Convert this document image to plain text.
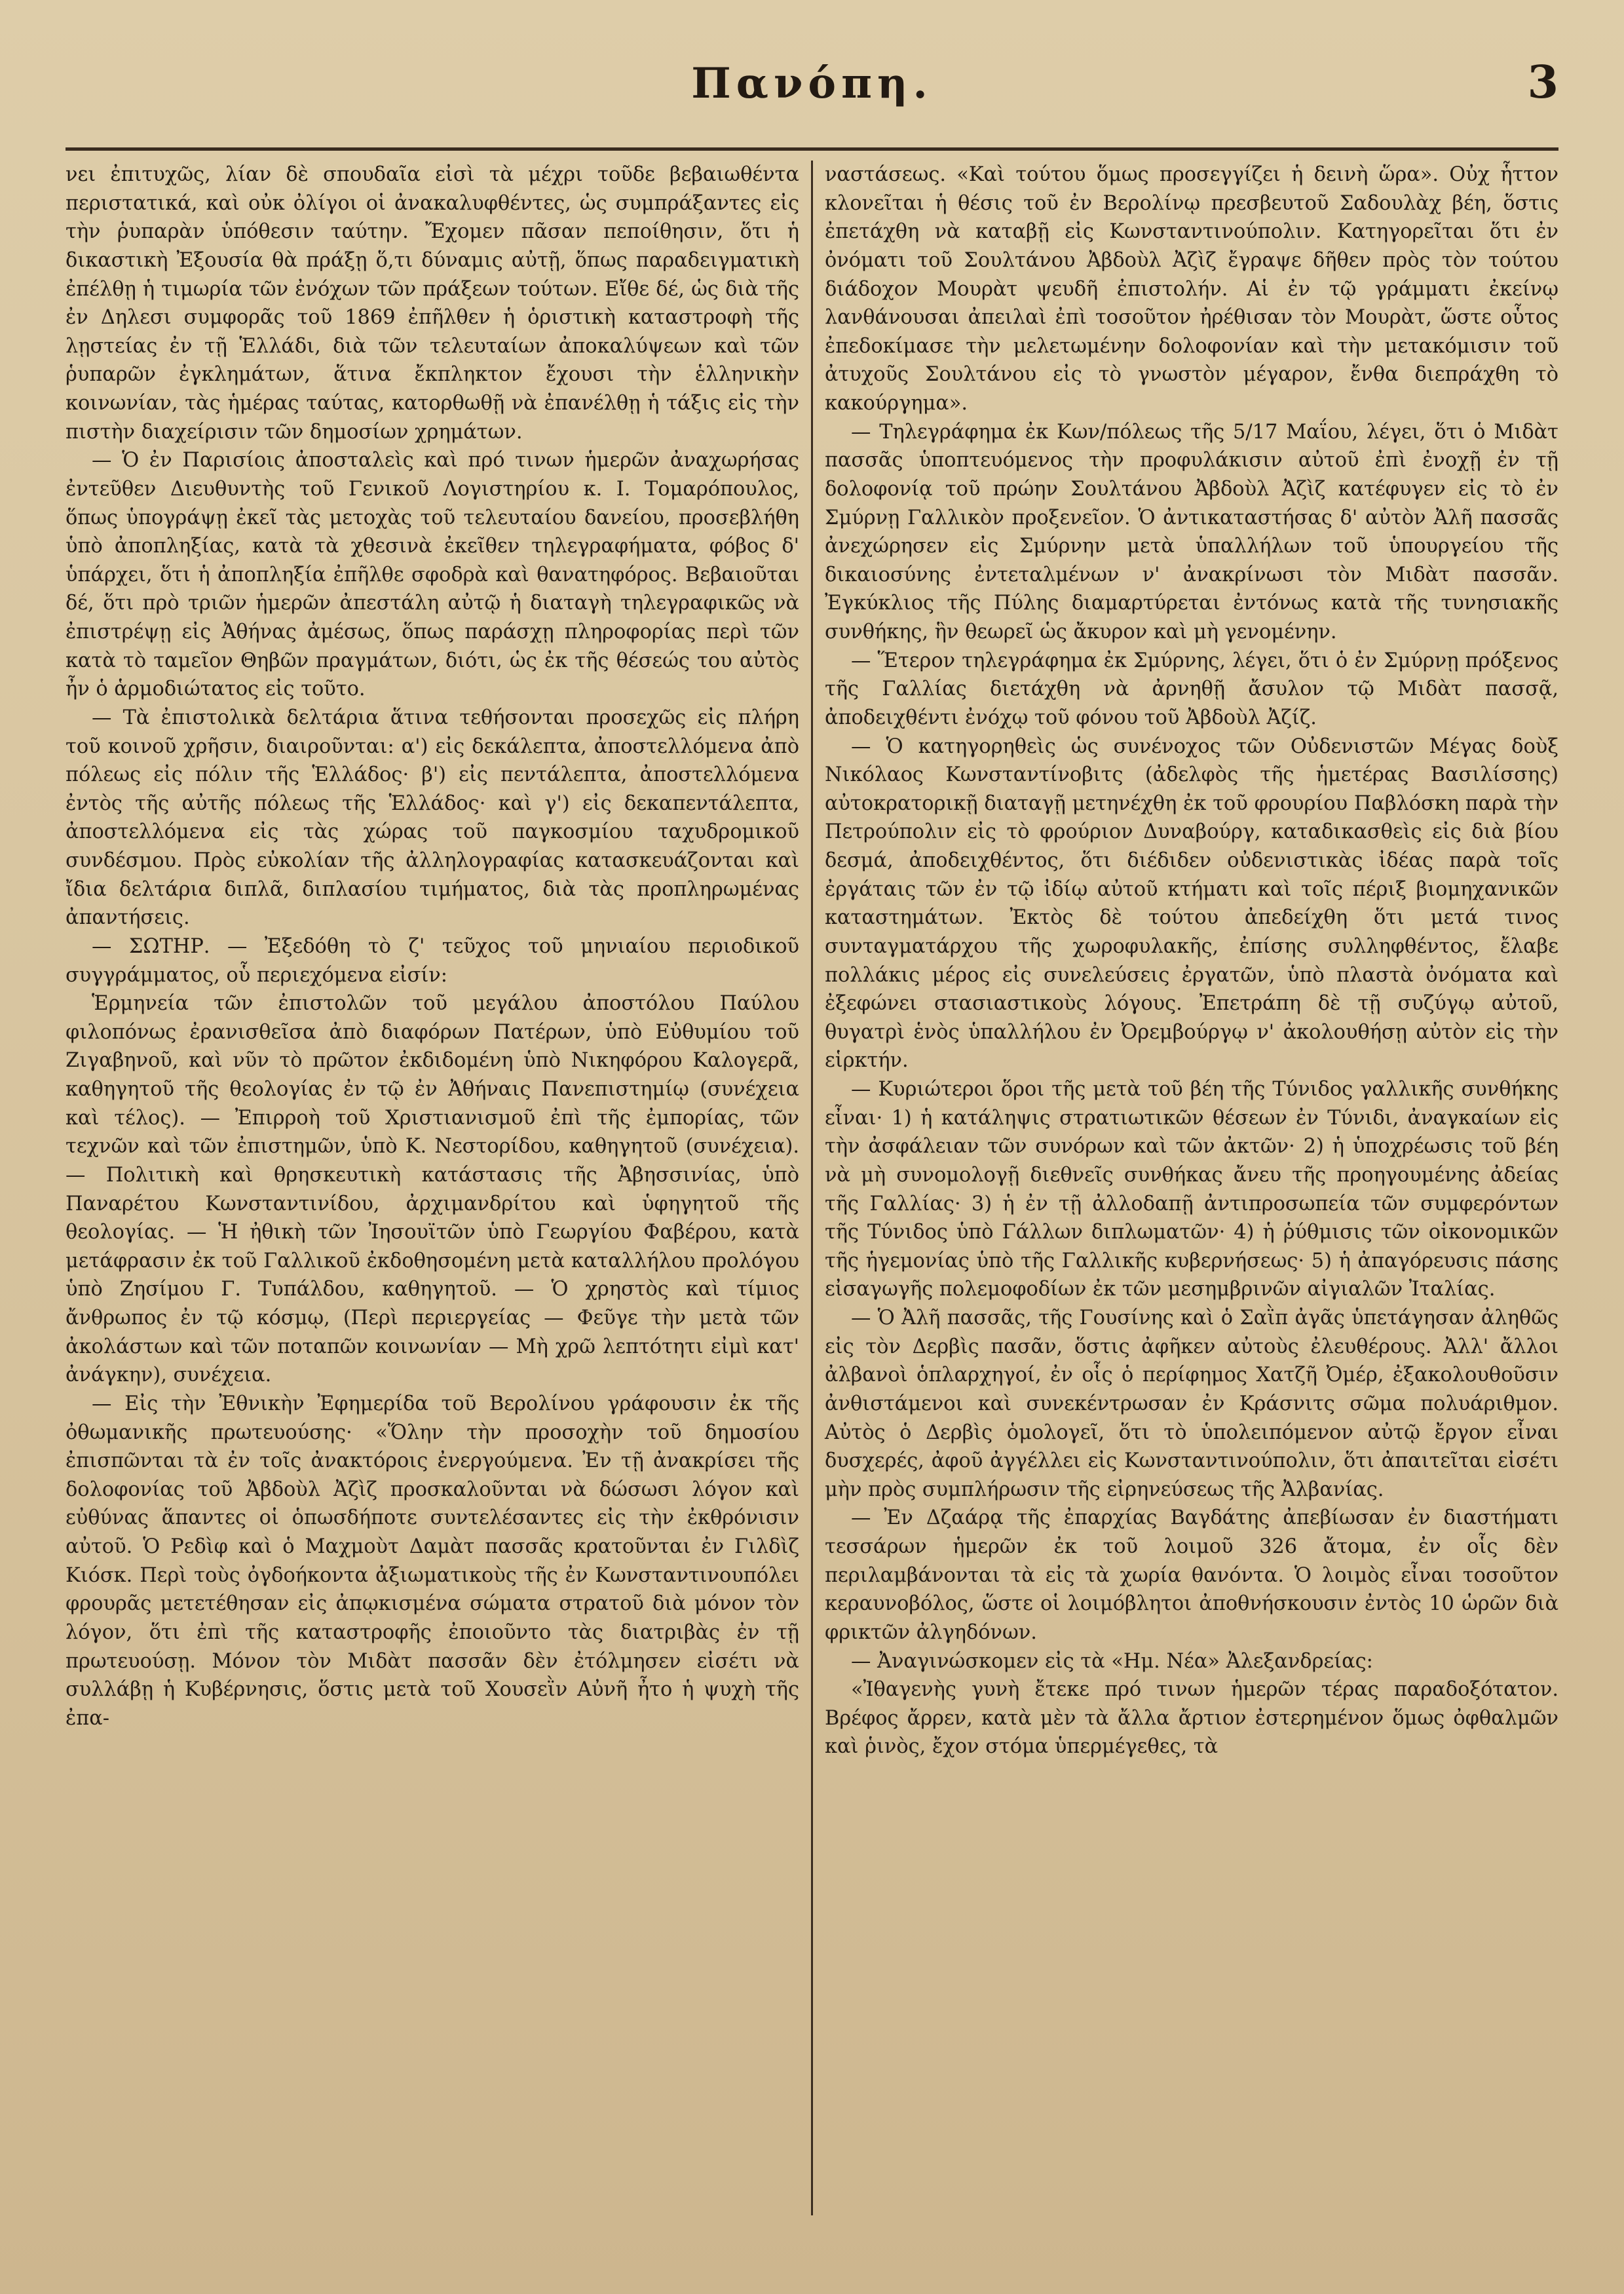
Πανόπη.	3

νει ἐπιτυχῶς, λίαν δὲ σπουδαῖα εἰσὶ τὰ μέχρι τοῦδε βεβαιωθέντα περιστατικά, καὶ οὐκ ὀλίγοι οἱ ἀνακαλυφθέντες, ὡς συμπράξαντες εἰς τὴν ῥυπαρὰν ὑπόθεσιν ταύτην. Ἔχομεν πᾶσαν πεποίθησιν, ὅτι ἡ δικαστικὴ Ἐξουσία θὰ πράξῃ ὅ,τι δύναμις αὐτῇ, ὅπως παραδειγματικὴ ἐπέλθῃ ἡ τιμωρία τῶν ἐνόχων τῶν πράξεων τούτων. Εἴθε δέ, ὡς διὰ τῆς ἐν Δηλεσι συμφορᾶς τοῦ 1869 ἐπῆλθεν ἡ ὁριστικὴ καταστροφὴ τῆς λῃστείας ἐν τῇ Ἑλλάδι, διὰ τῶν τελευταίων ἀποκαλύψεων καὶ τῶν ῥυπαρῶν ἐγκλημάτων, ἅτινα ἔκπληκτον ἔχουσι τὴν ἑλληνικὴν κοινωνίαν, τὰς ἡμέρας ταύτας, κατορθωθῇ νὰ ἐπανέλθῃ ἡ τάξις εἰς τὴν πιστὴν διαχείρισιν τῶν δημοσίων χρημάτων.

— Ὁ ἐν Παρισίοις ἀποσταλεὶς καὶ πρό τινων ἡμερῶν ἀναχωρήσας ἐντεῦθεν Διευθυντὴς τοῦ Γενικοῦ Λογιστηρίου κ. Ι. Τομαρόπουλος, ὅπως ὑπογράψῃ ἐκεῖ τὰς μετοχὰς τοῦ τελευταίου δανείου, προσεβλήθη ὑπὸ ἀποπληξίας, κατὰ τὰ χθεσινὰ ἐκεῖθεν τηλεγραφήματα, φόβος δ' ὑπάρχει, ὅτι ἡ ἀποπληξία ἐπῆλθε σφοδρὰ καὶ θανατηφόρος. Βεβαιοῦται δέ, ὅτι πρὸ τριῶν ἡμερῶν ἀπεστάλη αὐτῷ ἡ διαταγὴ τηλεγραφικῶς νὰ ἐπιστρέψῃ εἰς Ἀθήνας ἀμέσως, ὅπως παράσχῃ πληροφορίας περὶ τῶν κατὰ τὸ ταμεῖον Θηβῶν πραγμάτων, διότι, ὡς ἐκ τῆς θέσεώς του αὐτὸς ἦν ὁ ἁρμοδιώτατος εἰς τοῦτο.

— Τὰ ἐπιστολικὰ δελτάρια ἅτινα τεθήσονται προσεχῶς εἰς πλήρη τοῦ κοινοῦ χρῆσιν, διαιροῦνται: α') εἰς δεκάλεπτα, ἀποστελλόμενα ἀπὸ πόλεως εἰς πόλιν τῆς Ἑλλάδος· β') εἰς πεντάλεπτα, ἀποστελλόμενα ἐντὸς τῆς αὐτῆς πόλεως τῆς Ἑλλάδος· καὶ γ') εἰς δεκαπεντάλεπτα, ἀποστελλόμενα εἰς τὰς χώρας τοῦ παγκοσμίου ταχυδρομικοῦ συνδέσμου. Πρὸς εὐκολίαν τῆς ἀλληλογραφίας κατασκευάζονται καὶ ἴδια δελτάρια διπλᾶ, διπλασίου τιμήματος, διὰ τὰς προπληρωμένας ἀπαντήσεις.

— ΣΩΤΗΡ. — Ἐξεδόθη τὸ ζ' τεῦχος τοῦ μηνιαίου περιοδικοῦ συγγράμματος, οὗ περιεχόμενα εἰσίν:

Ἑρμηνεία τῶν ἐπιστολῶν τοῦ μεγάλου ἀποστόλου Παύλου φιλοπόνως ἐρανισθεῖσα ἀπὸ διαφόρων Πατέρων, ὑπὸ Εὐθυμίου τοῦ Ζιγαβηνοῦ, καὶ νῦν τὸ πρῶτον ἐκδιδομένη ὑπὸ Νικηφόρου Καλογερᾶ, καθηγητοῦ τῆς θεολογίας ἐν τῷ ἐν Ἀθήναις Πανεπιστημίῳ (συνέχεια καὶ τέλος). — Ἐπιρροὴ τοῦ Χριστιανισμοῦ ἐπὶ τῆς ἐμπορίας, τῶν τεχνῶν καὶ τῶν ἐπιστημῶν, ὑπὸ Κ. Νεστορίδου, καθηγητοῦ (συνέχεια). — Πολιτικὴ καὶ θρησκευτικὴ κατάστασις τῆς Ἀβησσινίας, ὑπὸ Παναρέτου Κωνσταντινίδου, ἀρχιμανδρίτου καὶ ὑφηγητοῦ τῆς θεολογίας. — Ἡ ἠθικὴ τῶν Ἰησουϊτῶν ὑπὸ Γεωργίου Φαβέρου, κατὰ μετάφρασιν ἐκ τοῦ Γαλλικοῦ ἐκδοθησομένη μετὰ καταλλήλου προλόγου ὑπὸ Ζησίμου Γ. Τυπάλδου, καθηγητοῦ. — Ὁ χρηστὸς καὶ τίμιος ἄνθρωπος ἐν τῷ κόσμῳ, (Περὶ περιεργείας — Φεῦγε τὴν μετὰ τῶν ἀκολάστων καὶ τῶν ποταπῶν κοινωνίαν — Μὴ χρῶ λεπτότητι εἰμὶ κατ' ἀνάγκην), συνέχεια.

— Εἰς τὴν Ἐθνικὴν Ἐφημερίδα τοῦ Βερολίνου γράφουσιν ἐκ τῆς ὀθωμανικῆς πρωτευούσης· «Ὅλην τὴν προσοχὴν τοῦ δημοσίου ἐπισπῶνται τὰ ἐν τοῖς ἀνακτόροις ἐνεργούμενα. Ἐν τῇ ἀνακρίσει τῆς δολοφονίας τοῦ Ἀβδοὺλ Ἀζὶζ προσκαλοῦνται νὰ δώσωσι λόγον καὶ εὐθύνας ἅπαντες οἱ ὁπωσδήποτε συντελέσαντες εἰς τὴν ἐκθρόνισιν αὐτοῦ. Ὁ Ρεδὶφ καὶ ὁ Μαχμοὺτ Δαμὰτ πασσᾶς κρατοῦνται ἐν Γιλδὶζ Κιόσκ. Περὶ τοὺς ὀγδοήκοντα ἀξιωματικοὺς τῆς ἐν Κωνσταντινουπόλει φρουρᾶς μετετέθησαν εἰς ἀπῳκισμένα σώματα στρατοῦ διὰ μόνον τὸν λόγον, ὅτι ἐπὶ τῆς καταστροφῆς ἐποιοῦντο τὰς διατριβὰς ἐν τῇ πρωτευούσῃ. Μόνον τὸν Μιδὰτ πασσᾶν δὲν ἐτόλμησεν εἰσέτι νὰ συλλάβῃ ἡ Κυβέρνησις, ὅστις μετὰ τοῦ Χουσεῒν Αὐνῆ ἦτο ἡ ψυχὴ τῆς ἐπα-

ναστάσεως. «Καὶ τούτου ὅμως προσεγγίζει ἡ δεινὴ ὥρα». Οὐχ ἧττον κλονεῖται ἡ θέσις τοῦ ἐν Βερολίνῳ πρεσβευτοῦ Σαδουλὰχ βέη, ὅστις ἐπετάχθη νὰ καταβῇ εἰς Κωνσταντινούπολιν. Κατηγορεῖται ὅτι ἐν ὀνόματι τοῦ Σουλτάνου Ἀβδοὺλ Ἀζὶζ ἔγραψε δῆθεν πρὸς τὸν τούτου διάδοχον Μουρὰτ ψευδῆ ἐπιστολήν. Αἱ ἐν τῷ γράμματι ἐκείνῳ λανθάνουσαι ἀπειλαὶ ἐπὶ τοσοῦτον ἠρέθισαν τὸν Μουρὰτ, ὥστε οὗτος ἐπεδοκίμασε τὴν μελετωμένην δολοφονίαν καὶ τὴν μετακόμισιν τοῦ ἀτυχοῦς Σουλτάνου εἰς τὸ γνωστὸν μέγαρον, ἔνθα διεπράχθη τὸ κακούργημα».

— Τηλεγράφημα ἐκ Κων/πόλεως τῆς 5/17 Μαΐου, λέγει, ὅτι ὁ Μιδὰτ πασσᾶς ὑποπτευόμενος τὴν προφυλάκισιν αὐτοῦ ἐπὶ ἐνοχῇ ἐν τῇ δολοφονίᾳ τοῦ πρώην Σουλτάνου Ἀβδοὺλ Ἀζὶζ κατέφυγεν εἰς τὸ ἐν Σμύρνῃ Γαλλικὸν προξενεῖον. Ὁ ἀντικαταστήσας δ' αὐτὸν Ἀλῆ πασσᾶς ἀνεχώρησεν εἰς Σμύρνην μετὰ ὑπαλλήλων τοῦ ὑπουργείου τῆς δικαιοσύνης ἐντεταλμένων ν' ἀνακρίνωσι τὸν Μιδὰτ πασσᾶν. Ἐγκύκλιος τῆς Πύλης διαμαρτύρεται ἐντόνως κατὰ τῆς τυνησιακῆς συνθήκης, ἣν θεωρεῖ ὡς ἄκυρον καὶ μὴ γενομένην.

— Ἕτερον τηλεγράφημα ἐκ Σμύρνης, λέγει, ὅτι ὁ ἐν Σμύρνῃ πρόξενος τῆς Γαλλίας διετάχθη νὰ ἀρνηθῇ ἄσυλον τῷ Μιδὰτ πασσᾷ, ἀποδειχθέντι ἐνόχῳ τοῦ φόνου τοῦ Ἀβδοὺλ Ἀζίζ.

— Ὁ κατηγορηθεὶς ὡς συνένοχος τῶν Οὐδενιστῶν Μέγας δοὺξ Νικόλαος Κωνσταντίνοβιτς (ἀδελφὸς τῆς ἡμετέρας Βασιλίσσης) αὐτοκρατορικῇ διαταγῇ μετηνέχθη ἐκ τοῦ φρουρίου Παβλόσκη παρὰ τὴν Πετρούπολιν εἰς τὸ φρούριον Δυναβούργ, καταδικασθεὶς εἰς διὰ βίου δεσμά, ἀποδειχθέντος, ὅτι διέδιδεν οὐδενιστικὰς ἰδέας παρὰ τοῖς ἐργάταις τῶν ἐν τῷ ἰδίῳ αὐτοῦ κτήματι καὶ τοῖς πέριξ βιομηχανικῶν καταστημάτων. Ἐκτὸς δὲ τούτου ἀπεδείχθη ὅτι μετά τινος συνταγματάρχου τῆς χωροφυλακῆς, ἐπίσης συλληφθέντος, ἔλαβε πολλάκις μέρος εἰς συνελεύσεις ἐργατῶν, ὑπὸ πλαστὰ ὀνόματα καὶ ἐξεφώνει στασιαστικοὺς λόγους. Ἐπετράπη δὲ τῇ συζύγῳ αὐτοῦ, θυγατρὶ ἑνὸς ὑπαλλήλου ἐν Ὀρεμβούργῳ ν' ἀκολουθήσῃ αὐτὸν εἰς τὴν εἱρκτήν.

— Κυριώτεροι ὅροι τῆς μετὰ τοῦ βέη τῆς Τύνιδος γαλλικῆς συνθήκης εἶναι· 1) ἡ κατάληψις στρατιωτικῶν θέσεων ἐν Τύνιδι, ἀναγκαίων εἰς τὴν ἀσφάλειαν τῶν συνόρων καὶ τῶν ἀκτῶν· 2) ἡ ὑποχρέωσις τοῦ βέη νὰ μὴ συνομολογῇ διεθνεῖς συνθήκας ἄνευ τῆς προηγουμένης ἀδείας τῆς Γαλλίας· 3) ἡ ἐν τῇ ἀλλοδαπῇ ἀντιπροσωπεία τῶν συμφερόντων τῆς Τύνιδος ὑπὸ Γάλλων διπλωματῶν· 4) ἡ ῥύθμισις τῶν οἰκονομικῶν τῆς ἡγεμονίας ὑπὸ τῆς Γαλλικῆς κυβερνήσεως· 5) ἡ ἀπαγόρευσις πάσης εἰσαγωγῆς πολεμοφοδίων ἐκ τῶν μεσημβρινῶν αἰγιαλῶν Ἰταλίας.

— Ὁ Ἀλῆ πασσᾶς, τῆς Γουσίνης καὶ ὁ Σαῒπ ἀγᾶς ὑπετάγησαν ἀληθῶς εἰς τὸν Δερβὶς πασᾶν, ὅστις ἀφῆκεν αὐτοὺς ἐλευθέρους. Ἀλλ' ἄλλοι ἀλβανοὶ ὁπλαρχηγοί, ἐν οἷς ὁ περίφημος Χατζῆ Ὀμέρ, ἐξακολουθοῦσιν ἀνθιστάμενοι καὶ συνεκέντρωσαν ἐν Κράσνιτς σῶμα πολυάριθμον. Αὐτὸς ὁ Δερβὶς ὁμολογεῖ, ὅτι τὸ ὑπολειπόμενον αὐτῷ ἔργον εἶναι δυσχερές, ἀφοῦ ἀγγέλλει εἰς Κωνσταντινούπολιν, ὅτι ἀπαιτεῖται εἰσέτι μὴν πρὸς συμπλήρωσιν τῆς εἰρηνεύσεως τῆς Ἀλβανίας.

— Ἐν Δζαάρᾳ τῆς ἐπαρχίας Βαγδάτης ἀπεβίωσαν ἐν διαστήματι τεσσάρων ἡμερῶν ἐκ τοῦ λοιμοῦ 326 ἄτομα, ἐν οἷς δὲν περιλαμβάνονται τὰ εἰς τὰ χωρία θανόντα. Ὁ λοιμὸς εἶναι τοσοῦτον κεραυνοβόλος, ὥστε οἱ λοιμόβλητοι ἀποθνήσκουσιν ἐντὸς 10 ὡρῶν διὰ φρικτῶν ἀλγηδόνων.

— Ἀναγινώσκομεν εἰς τὰ «Ημ. Νέα» Ἀλεξανδρείας:

«Ἰθαγενὴς γυνὴ ἔτεκε πρό τινων ἡμερῶν τέρας παραδοξότατον. Βρέφος ἄρρεν, κατὰ μὲν τὰ ἄλλα ἄρτιον ἐστερημένον ὅμως ὀφθαλμῶν καὶ ῥινὸς, ἔχον στόμα ὑπερμέγεθες, τὰ
